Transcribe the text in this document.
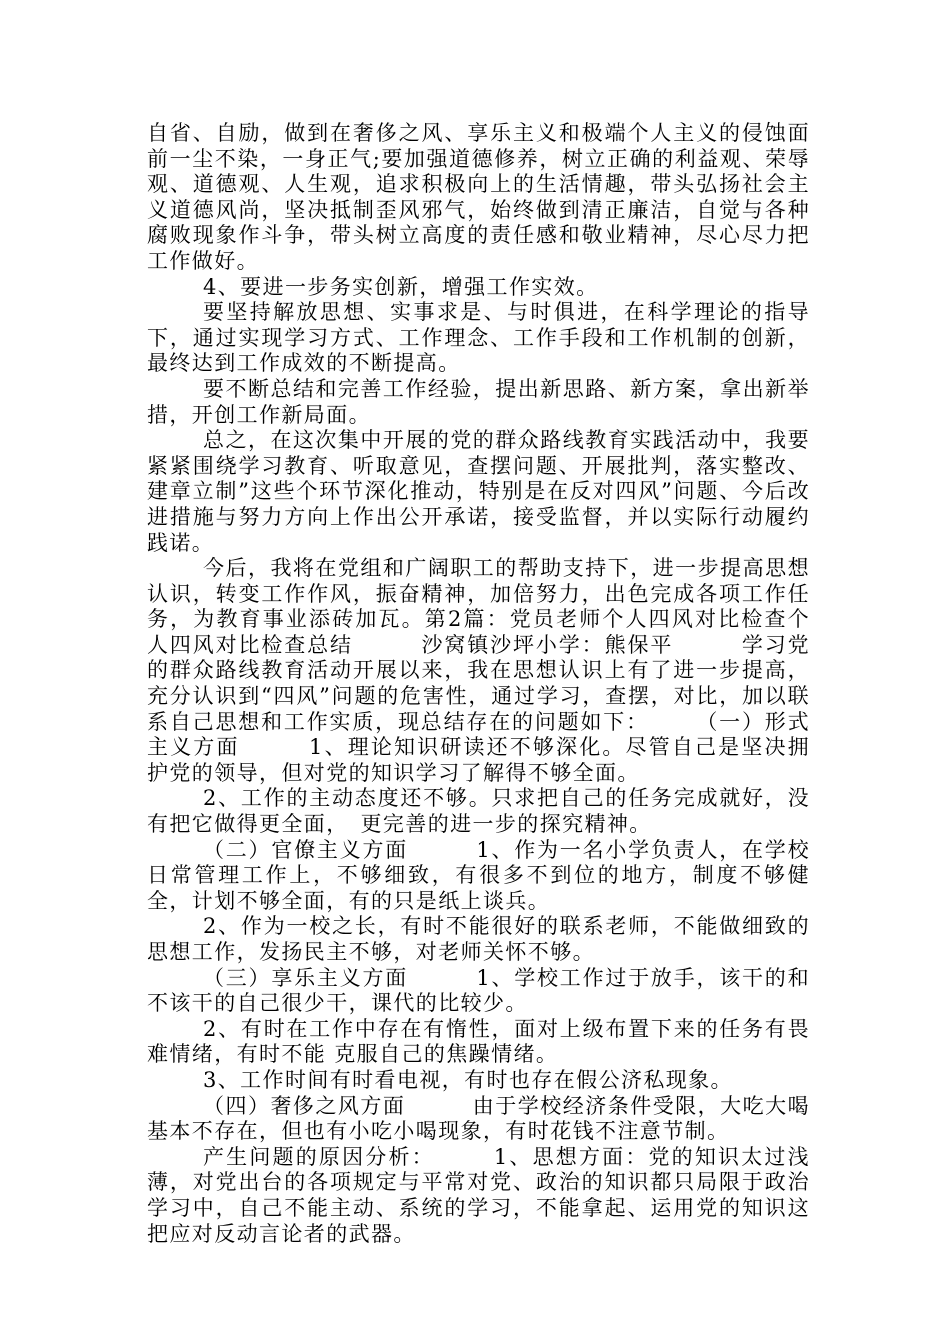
自省、自励，做到在奢侈之风、享乐主义和极端个人主义的侵蚀面前一尘不染，一身正气;要加强道德修养，树立正确的利益观、荣辱观、道德观、人生观，追求积极向上的生活情趣，带头弘扬社会主义道德风尚，坚决抵制歪风邪气，始终做到清正廉洁，自觉与各种腐败现象作斗争，带头树立高度的责任感和敬业精神，尽心尽力把工作做好。

4、要进一步务实创新，增强工作实效。

要坚持解放思想、实事求是、与时俱进，在科学理论的指导下，通过实现学习方式、工作理念、工作手段和工作机制的创新，最终达到工作成效的不断提高。

要不断总结和完善工作经验，提出新思路、新方案，拿出新举措，开创工作新局面。

总之，在这次集中开展的党的群众路线教育实践活动中，我要紧紧围绕学习教育、听取意见，查摆问题、开展批判，落实整改、建章立制”这些个环节深化推动，特别是在反对四风”问题、今后改进措施与努力方向上作出公开承诺，接受监督，并以实际行动履约践诺。

今后，我将在党组和广阔职工的帮助支持下，进一步提高思想认识，转变工作作风，振奋精神，加倍努力，出色完成各项工作任务，为教育事业添砖加瓦。第2篇：党员老师个人四风对比检查个人四风对比检查总结　　　沙窝镇沙坪小学：熊保平　　　学习党的群众路线教育活动开展以来，我在思想认识上有了进一步提高，充分认识到“四风”问题的危害性，通过学习，查摆，对比，加以联系自己思想和工作实质，现总结存在的问题如下：　　　（一）形式主义方面　　　1、理论知识研读还不够深化。尽管自己是坚决拥护党的领导，但对党的知识学习了解得不够全面。

2、工作的主动态度还不够。只求把自己的任务完成就好，没有把它做得更全面，　更完善的进一步的探究精神。

（二）官僚主义方面　　　1、作为一名小学负责人，在学校日常管理工作上，不够细致，有很多不到位的地方，制度不够健全，计划不够全面，有的只是纸上谈兵。

2、作为一校之长，有时不能很好的联系老师，不能做细致的思想工作，发扬民主不够，对老师关怀不够。

（三）享乐主义方面　　　1、学校工作过于放手，该干的和不该干的自己很少干，课代的比较少。

2、有时在工作中存在有惰性，面对上级布置下来的任务有畏难情绪，有时不能 克服自己的焦躁情绪。

3、工作时间有时看电视，有时也存在假公济私现象。

（四）奢侈之风方面　　　由于学校经济条件受限，大吃大喝基本不存在，但也有小吃小喝现象，有时花钱不注意节制。

产生问题的原因分析：　　　1、思想方面：党的知识太过浅薄，对党出台的各项规定与平常对党、政治的知识都只局限于政治学习中，自己不能主动、系统的学习，不能拿起、运用党的知识这把应对反动言论者的武器。
